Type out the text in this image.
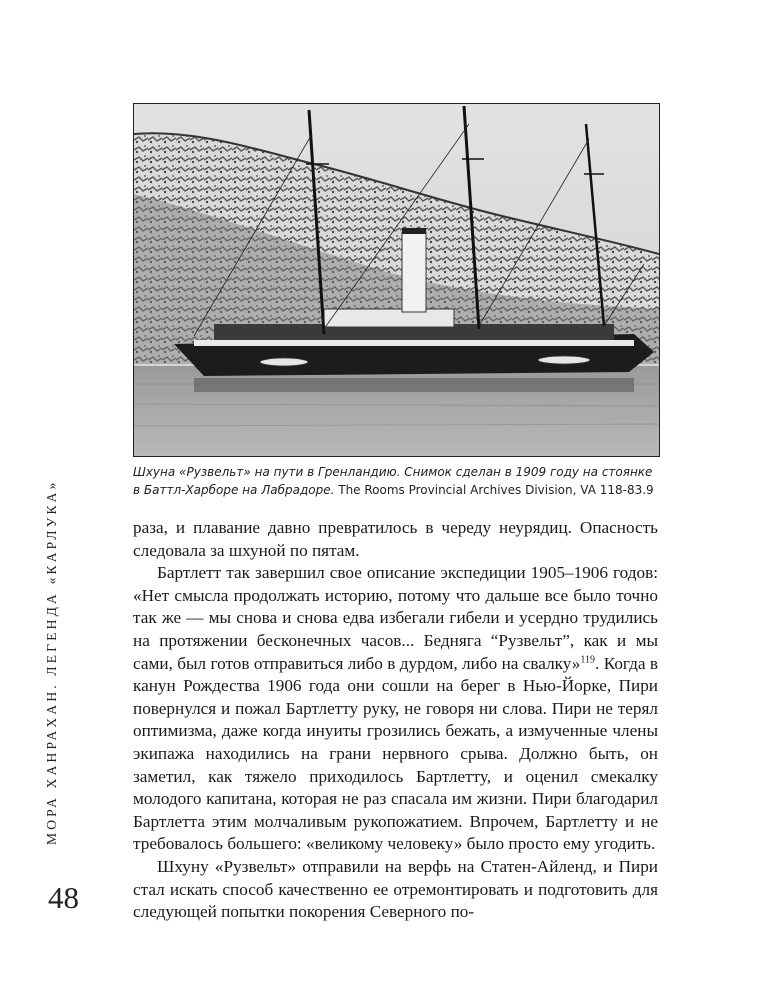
Шхуна «Рузвельт» на пути в Гренландию. Снимок сделан в 1909 году на стоянке в Баттл-Харборе на Лабрадоре. The Rooms Provincial Archives Division, VA 118-83.9
МОРА ХАНРАХАН. ЛЕГЕНДА «КАРЛУКА»
48

раза, и плавание давно превратилось в череду неурядиц. Опасность следовала за шхуной по пятам.

Бартлетт так завершил свое описание экспедиции 1905–1906 годов: «Нет смысла продолжать историю, потому что дальше все было точно так же — мы снова и снова едва избегали гибели и усердно трудились на протяжении бесконечных часов... Бедняга “Рузвельт”, как и мы сами, был готов отправиться либо в дурдом, либо на свалку»$^{119}$. Когда в канун Рождества 1906 года они сошли на берег в Нью-Йорке, Пири повернулся и пожал Бартлетту руку, не говоря ни слова. Пири не терял оптимизма, даже когда инуиты грозились бежать, а измученные члены экипажа находились на грани нервного срыва. Должно быть, он заметил, как тяжело приходилось Бартлетту, и оценил смекалку молодого капитана, которая не раз спасала им жизни. Пири благодарил Бартлетта этим молчаливым рукопожатием. Впрочем, Бартлетту и не требовалось большего: «великому человеку» было просто ему угодить.

Шхуну «Рузвельт» отправили на верфь на Статен-Айленд, и Пири стал искать способ качественно ее отремонтировать и подготовить для следующей попытки покорения Северного по-
